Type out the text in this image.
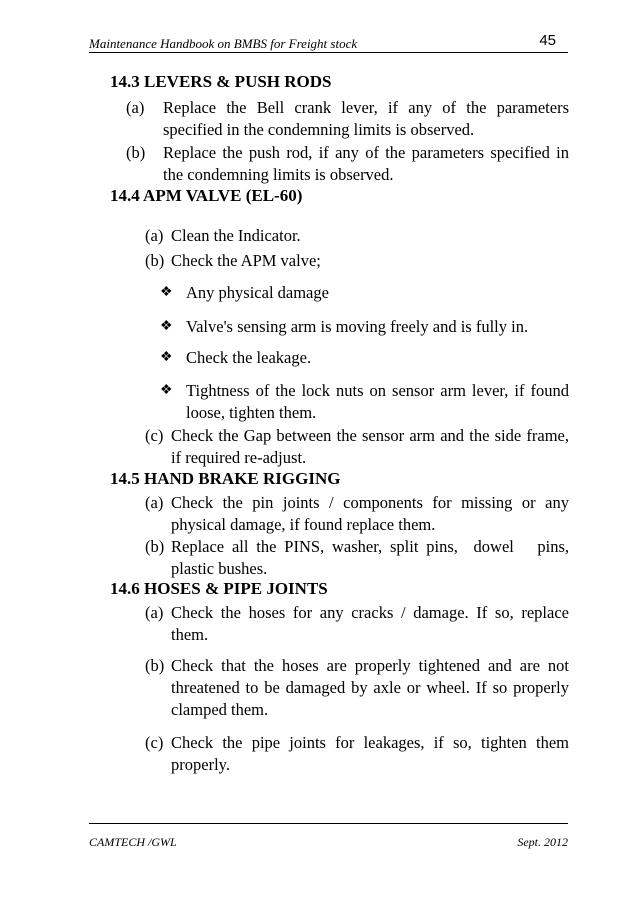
Maintenance Handbook on BMBS for Freight stock	45
14.3 LEVERS & PUSH RODS
(a)	Replace the Bell crank lever, if any of the parameters specified in the condemning limits is observed.
(b)	Replace the push rod, if any of the parameters specified in the condemning limits is observed.
14.4 APM VALVE (EL-60)
(a) Clean the Indicator.
(b) Check the APM valve;
❖ Any physical damage
❖ Valve's sensing arm is moving freely and is fully in.
❖ Check the leakage.
❖ Tightness of the lock nuts on sensor arm lever, if found loose, tighten them.
(c) Check the Gap between the sensor arm and the side frame, if required re-adjust.
14.5 HAND BRAKE RIGGING
(a) Check the pin joints / components for missing or any physical damage, if found replace them.
(b) Replace all the PINS, washer, split pins,  dowel   pins, plastic bushes.
14.6 HOSES & PIPE JOINTS
(a) Check the hoses for any cracks / damage. If so, replace them.
(b) Check that the hoses are properly tightened and are not threatened to be damaged by axle or wheel. If so properly clamped them.
(c) Check the pipe joints for leakages, if so, tighten them properly.
CAMTECH /GWL	Sept. 2012
